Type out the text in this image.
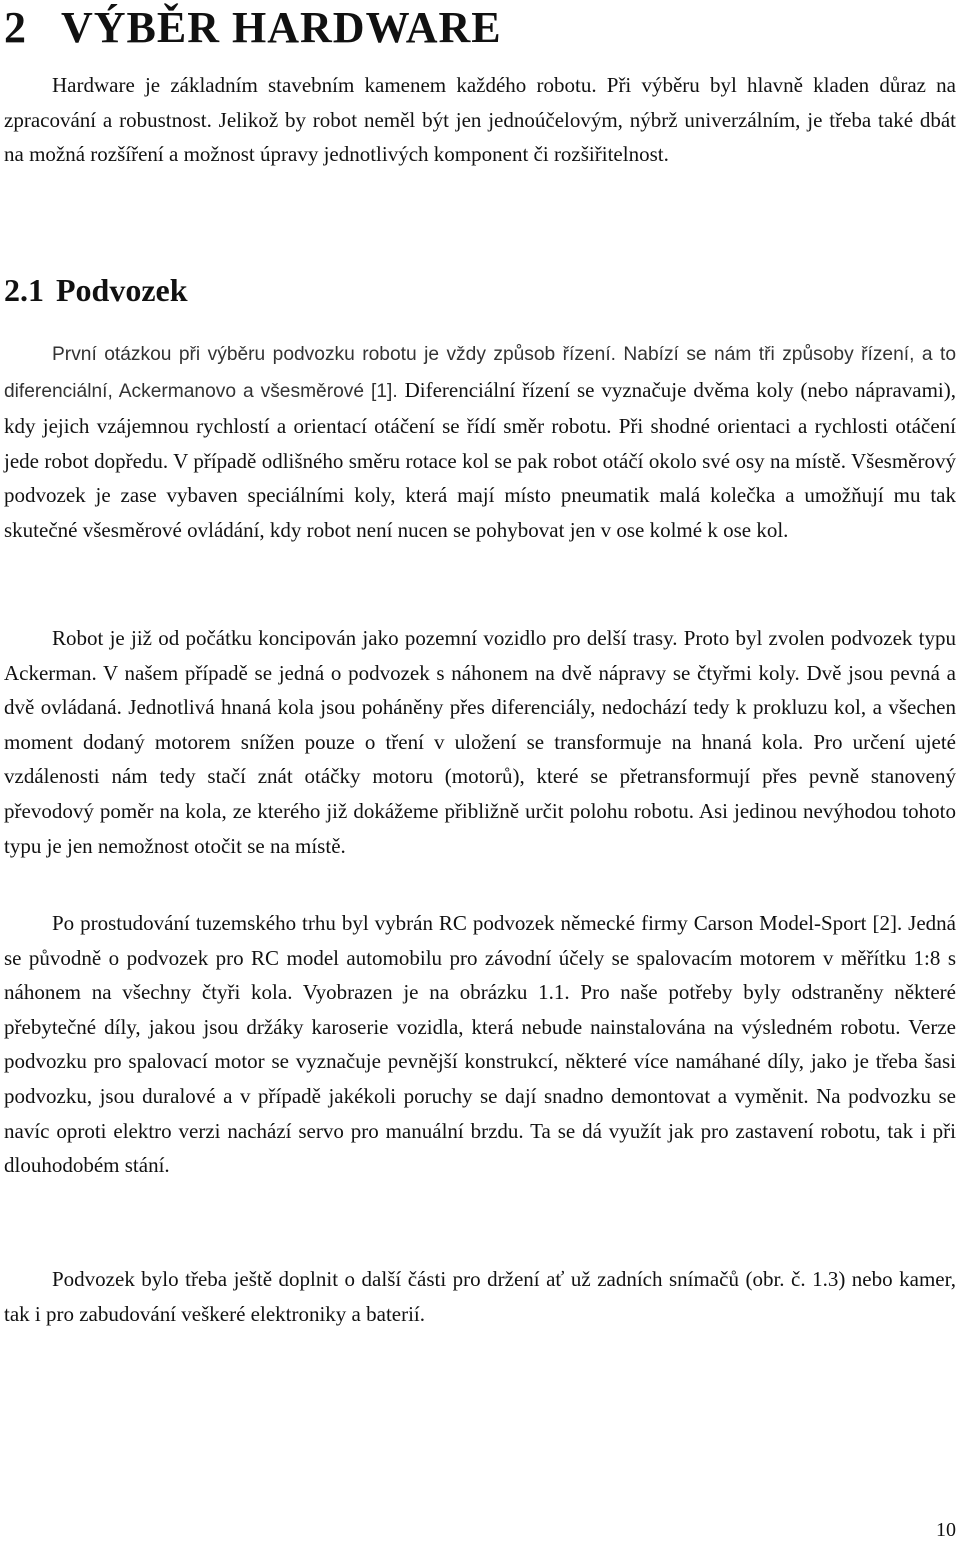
2 VÝBĚR HARDWARE

Hardware je základním stavebním kamenem každého robotu. Při výběru byl hlavně kladen důraz na zpracování a robustnost. Jelikož by robot neměl být jen jednoúčelovým, nýbrž univerzálním, je třeba také dbát na možná rozšíření a možnost úpravy jednotlivých komponent či rozšiřitelnost.

2.1 Podvozek

První otázkou při výběru podvozku robotu je vždy způsob řízení. Nabízí se nám tři způsoby řízení, a to diferenciální, Ackermanovo a všesměrové [1]. Diferenciální řízení se vyznačuje dvěma koly (nebo nápravami), kdy jejich vzájemnou rychlostí a orientací otáčení se řídí směr robotu. Při shodné orientaci a rychlosti otáčení jede robot dopředu. V případě odlišného směru rotace kol se pak robot otáčí okolo své osy na místě. Všesměrový podvozek je zase vybaven speciálními koly, která mají místo pneumatik malá kolečka a umožňují mu tak skutečné všesměrové ovládání, kdy robot není nucen se pohybovat jen v ose kolmé k ose kol.

Robot je již od počátku koncipován jako pozemní vozidlo pro delší trasy. Proto byl zvolen podvozek typu Ackerman. V našem případě se jedná o podvozek s náhonem na dvě nápravy se čtyřmi koly. Dvě jsou pevná a dvě ovládaná. Jednotlivá hnaná kola jsou poháněny přes diferenciály, nedochází tedy k prokluzu kol, a všechen moment dodaný motorem snížen pouze o tření v uložení se transformuje na hnaná kola. Pro určení ujeté vzdálenosti nám tedy stačí znát otáčky motoru (motorů), které se přetransformují přes pevně stanovený převodový poměr na kola, ze kterého již dokážeme přibližně určit polohu robotu. Asi jedinou nevýhodou tohoto typu je jen nemožnost otočit se na místě.

Po prostudování tuzemského trhu byl vybrán RC podvozek německé firmy Carson Model-Sport [2]. Jedná se původně o podvozek pro RC model automobilu pro závodní účely se spalovacím motorem v měřítku 1:8 s náhonem na všechny čtyři kola. Vyobrazen je na obrázku 1.1. Pro naše potřeby byly odstraněny některé přebytečné díly, jakou jsou držáky karoserie vozidla, která nebude nainstalována na výsledném robotu. Verze podvozku pro spalovací motor se vyznačuje pevnější konstrukcí, některé více namáhané díly, jako je třeba šasi podvozku, jsou duralové a v případě jakékoli poruchy se dají snadno demontovat a vyměnit. Na podvozku se navíc oproti elektro verzi nachází servo pro manuální brzdu. Ta se dá využít jak pro zastavení robotu, tak i při dlouhodobém stání.

Podvozek bylo třeba ještě doplnit o další části pro držení ať už zadních snímačů (obr. č. 1.3) nebo kamer, tak i pro zabudování veškeré elektroniky a baterií.

10
